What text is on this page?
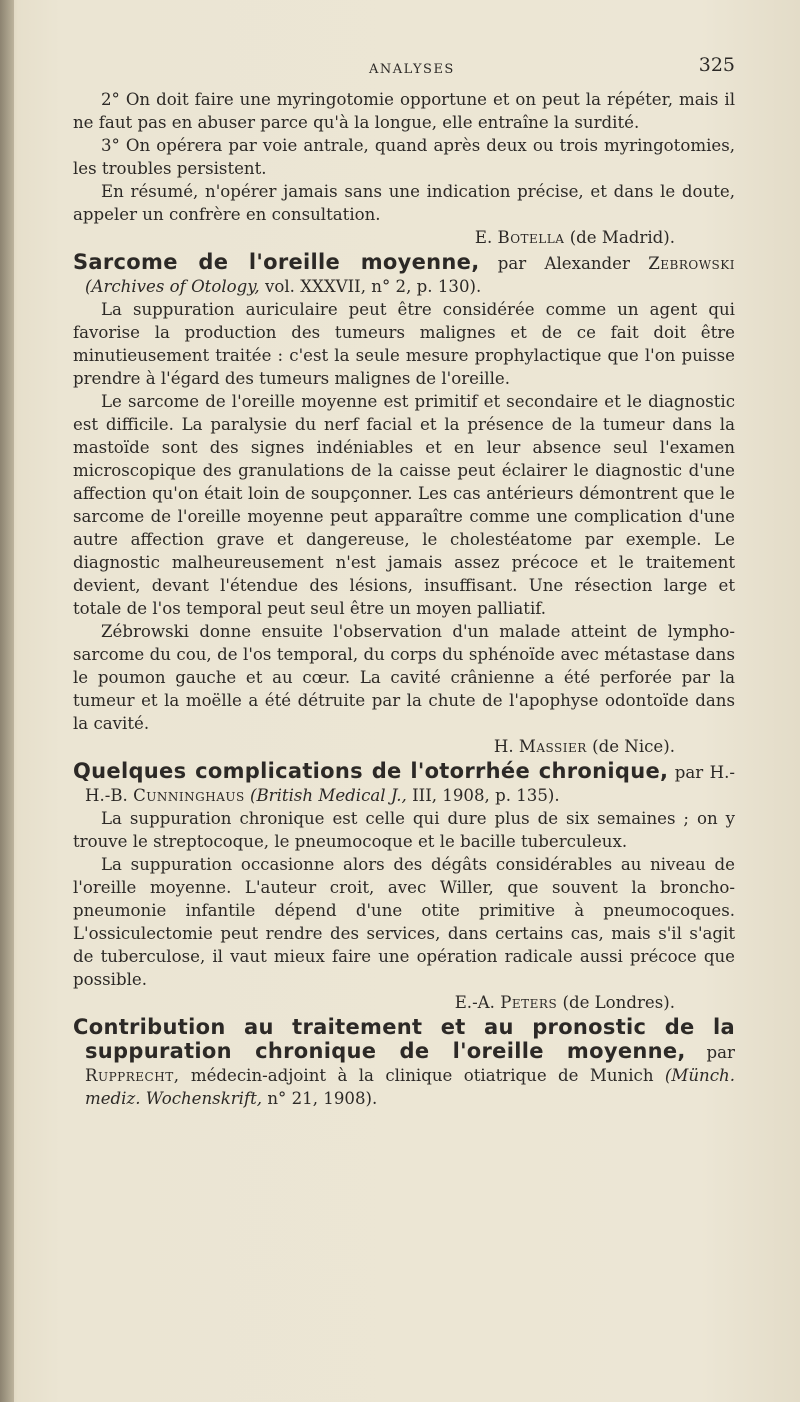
ANALYSES	325

2° On doit faire une myringotomie opportune et on peut la répéter, mais il ne faut pas en abuser parce qu'à la longue, elle entraîne la surdité.

3° On opérera par voie antrale, quand après deux ou trois myringotomies, les troubles persistent.

En résumé, n'opérer jamais sans une indication précise, et dans le doute, appeler un confrère en consultation.

E. Botella (de Madrid).

Sarcome de l'oreille moyenne, par Alexander Zebrowski (Archives of Otology, vol. XXXVII, n° 2, p. 130).

La suppuration auriculaire peut être considérée comme un agent qui favorise la production des tumeurs malignes et de ce fait doit être minutieusement traitée : c'est la seule mesure prophylactique que l'on puisse prendre à l'égard des tumeurs malignes de l'oreille.

Le sarcome de l'oreille moyenne est primitif et secondaire et le diagnostic est difficile. La paralysie du nerf facial et la présence de la tumeur dans la mastoïde sont des signes indéniables et en leur absence seul l'examen microscopique des granulations de la caisse peut éclairer le diagnostic d'une affection qu'on était loin de soupçonner. Les cas antérieurs démontrent que le sarcome de l'oreille moyenne peut apparaître comme une complication d'une autre affection grave et dangereuse, le cholestéatome par exemple. Le diagnostic malheureusement n'est jamais assez précoce et le traitement devient, devant l'étendue des lésions, insuffisant. Une résection large et totale de l'os temporal peut seul être un moyen palliatif.

Zébrowski donne ensuite l'observation d'un malade atteint de lympho-sarcome du cou, de l'os temporal, du corps du sphénoïde avec métastase dans le poumon gauche et au cœur. La cavité crânienne a été perforée par la tumeur et la moëlle a été détruite par la chute de l'apophyse odontoïde dans la cavité.

H. Massier (de Nice).

Quelques complications de l'otorrhée chronique, par H.-H.-B. Cunninghaus (British Medical J., III, 1908, p. 135).

La suppuration chronique est celle qui dure plus de six semaines ; on y trouve le streptocoque, le pneumocoque et le bacille tuberculeux.

La suppuration occasionne alors des dégâts considérables au niveau de l'oreille moyenne. L'auteur croit, avec Willer, que souvent la broncho-pneumonie infantile dépend d'une otite primitive à pneumocoques. L'ossiculectomie peut rendre des services, dans certains cas, mais s'il s'agit de tuberculose, il vaut mieux faire une opération radicale aussi précoce que possible.

E.-A. Peters (de Londres).

Contribution au traitement et au pronostic de la suppuration chronique de l'oreille moyenne, par Rupprecht, médecin-adjoint à la clinique otiatrique de Munich (Münch. mediz. Wochenskrift, n° 21, 1908).
